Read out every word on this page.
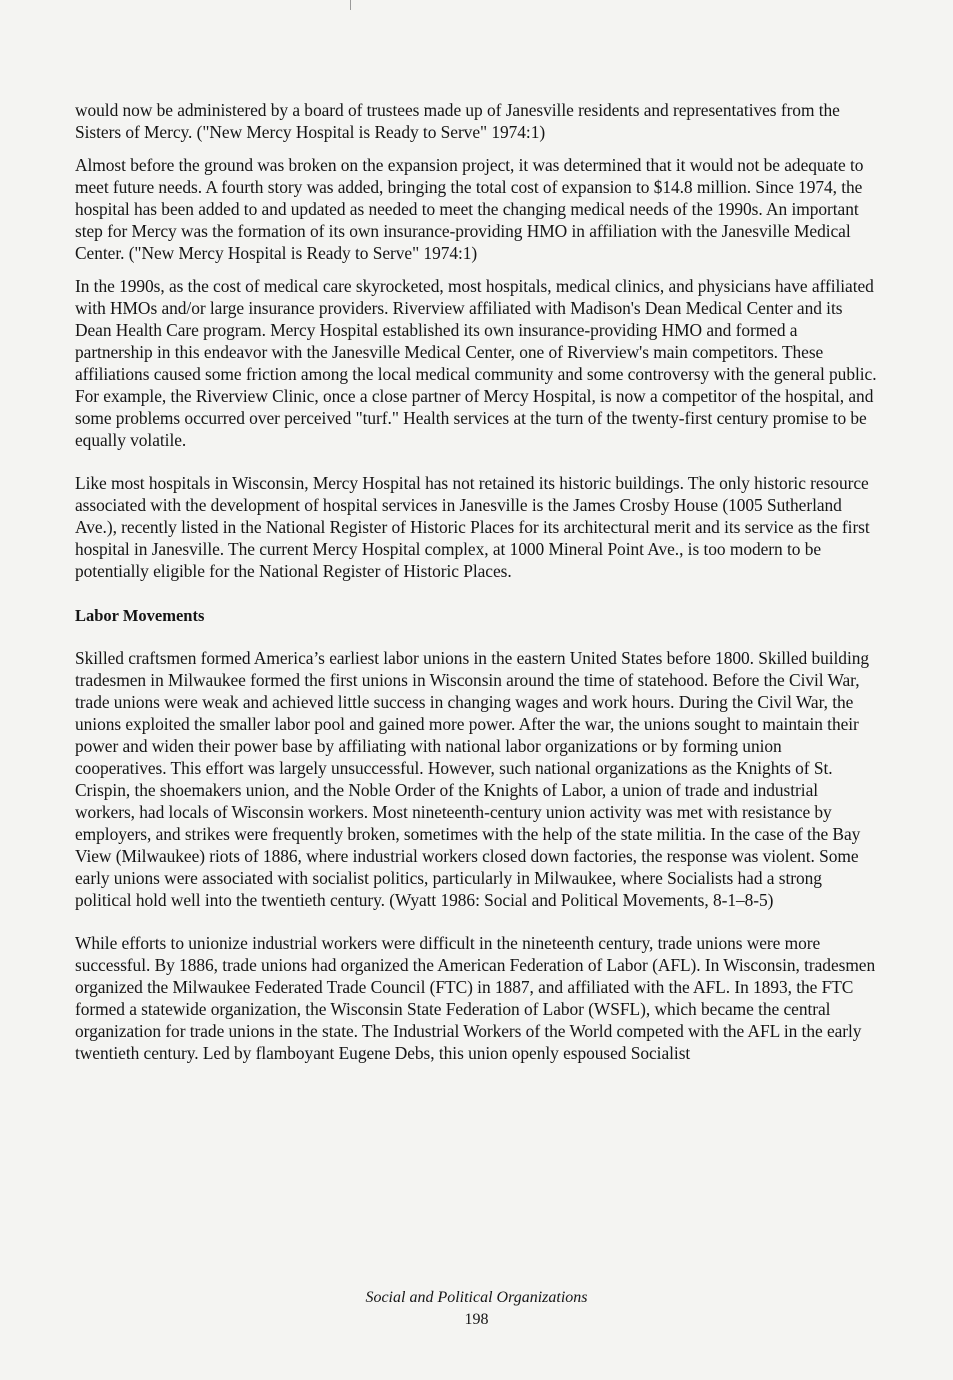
would now be administered by a board of trustees made up of Janesville residents and representatives from the Sisters of Mercy. ("New Mercy Hospital is Ready to Serve" 1974:1)

Almost before the ground was broken on the expansion project, it was determined that it would not be adequate to meet future needs. A fourth story was added, bringing the total cost of expansion to $14.8 million. Since 1974, the hospital has been added to and updated as needed to meet the changing medical needs of the 1990s. An important step for Mercy was the formation of its own insurance-providing HMO in affiliation with the Janesville Medical Center. ("New Mercy Hospital is Ready to Serve" 1974:1)

In the 1990s, as the cost of medical care skyrocketed, most hospitals, medical clinics, and physicians have affiliated with HMOs and/or large insurance providers. Riverview affiliated with Madison's Dean Medical Center and its Dean Health Care program. Mercy Hospital established its own insurance-providing HMO and formed a partnership in this endeavor with the Janesville Medical Center, one of Riverview's main competitors. These affiliations caused some friction among the local medical community and some controversy with the general public. For example, the Riverview Clinic, once a close partner of Mercy Hospital, is now a competitor of the hospital, and some problems occurred over perceived "turf." Health services at the turn of the twenty-first century promise to be equally volatile.

Like most hospitals in Wisconsin, Mercy Hospital has not retained its historic buildings. The only historic resource associated with the development of hospital services in Janesville is the James Crosby House (1005 Sutherland Ave.), recently listed in the National Register of Historic Places for its architectural merit and its service as the first hospital in Janesville. The current Mercy Hospital complex, at 1000 Mineral Point Ave., is too modern to be potentially eligible for the National Register of Historic Places.

Labor Movements

Skilled craftsmen formed America’s earliest labor unions in the eastern United States before 1800. Skilled building tradesmen in Milwaukee formed the first unions in Wisconsin around the time of statehood. Before the Civil War, trade unions were weak and achieved little success in changing wages and work hours. During the Civil War, the unions exploited the smaller labor pool and gained more power. After the war, the unions sought to maintain their power and widen their power base by affiliating with national labor organizations or by forming union cooperatives. This effort was largely unsuccessful. However, such national organizations as the Knights of St. Crispin, the shoemakers union, and the Noble Order of the Knights of Labor, a union of trade and industrial workers, had locals of Wisconsin workers. Most nineteenth-century union activity was met with resistance by employers, and strikes were frequently broken, sometimes with the help of the state militia. In the case of the Bay View (Milwaukee) riots of 1886, where industrial workers closed down factories, the response was violent. Some early unions were associated with socialist politics, particularly in Milwaukee, where Socialists had a strong political hold well into the twentieth century. (Wyatt 1986: Social and Political Movements, 8-1–8-5)

While efforts to unionize industrial workers were difficult in the nineteenth century, trade unions were more successful. By 1886, trade unions had organized the American Federation of Labor (AFL). In Wisconsin, tradesmen organized the Milwaukee Federated Trade Council (FTC) in 1887, and affiliated with the AFL. In 1893, the FTC formed a statewide organization, the Wisconsin State Federation of Labor (WSFL), which became the central organization for trade unions in the state. The Industrial Workers of the World competed with the AFL in the early twentieth century. Led by flamboyant Eugene Debs, this union openly espoused Socialist

Social and Political Organizations
198
